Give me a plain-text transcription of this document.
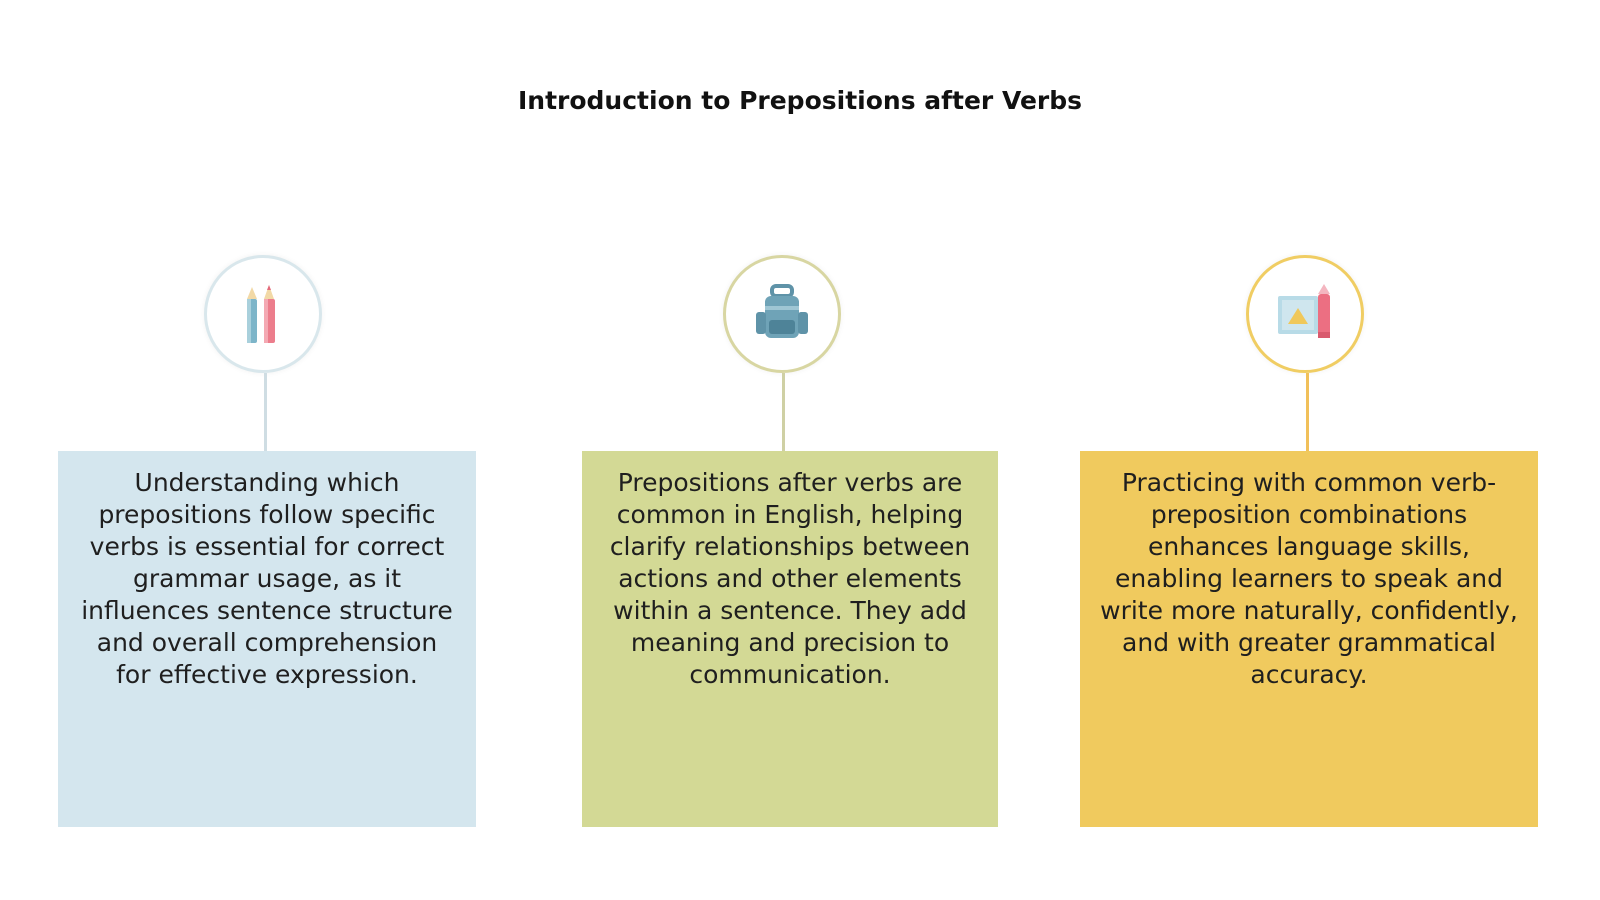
Introduction to Prepositions after Verbs
Understanding which prepositions follow specific verbs is essential for correct grammar usage, as it influences sentence structure and overall comprehension for effective expression.
Prepositions after verbs are common in English, helping clarify relationships between actions and other elements within a sentence. They add meaning and precision to communication.
Practicing with common verb-preposition combinations enhances language skills, enabling learners to speak and write more naturally, confidently, and with greater grammatical accuracy.
